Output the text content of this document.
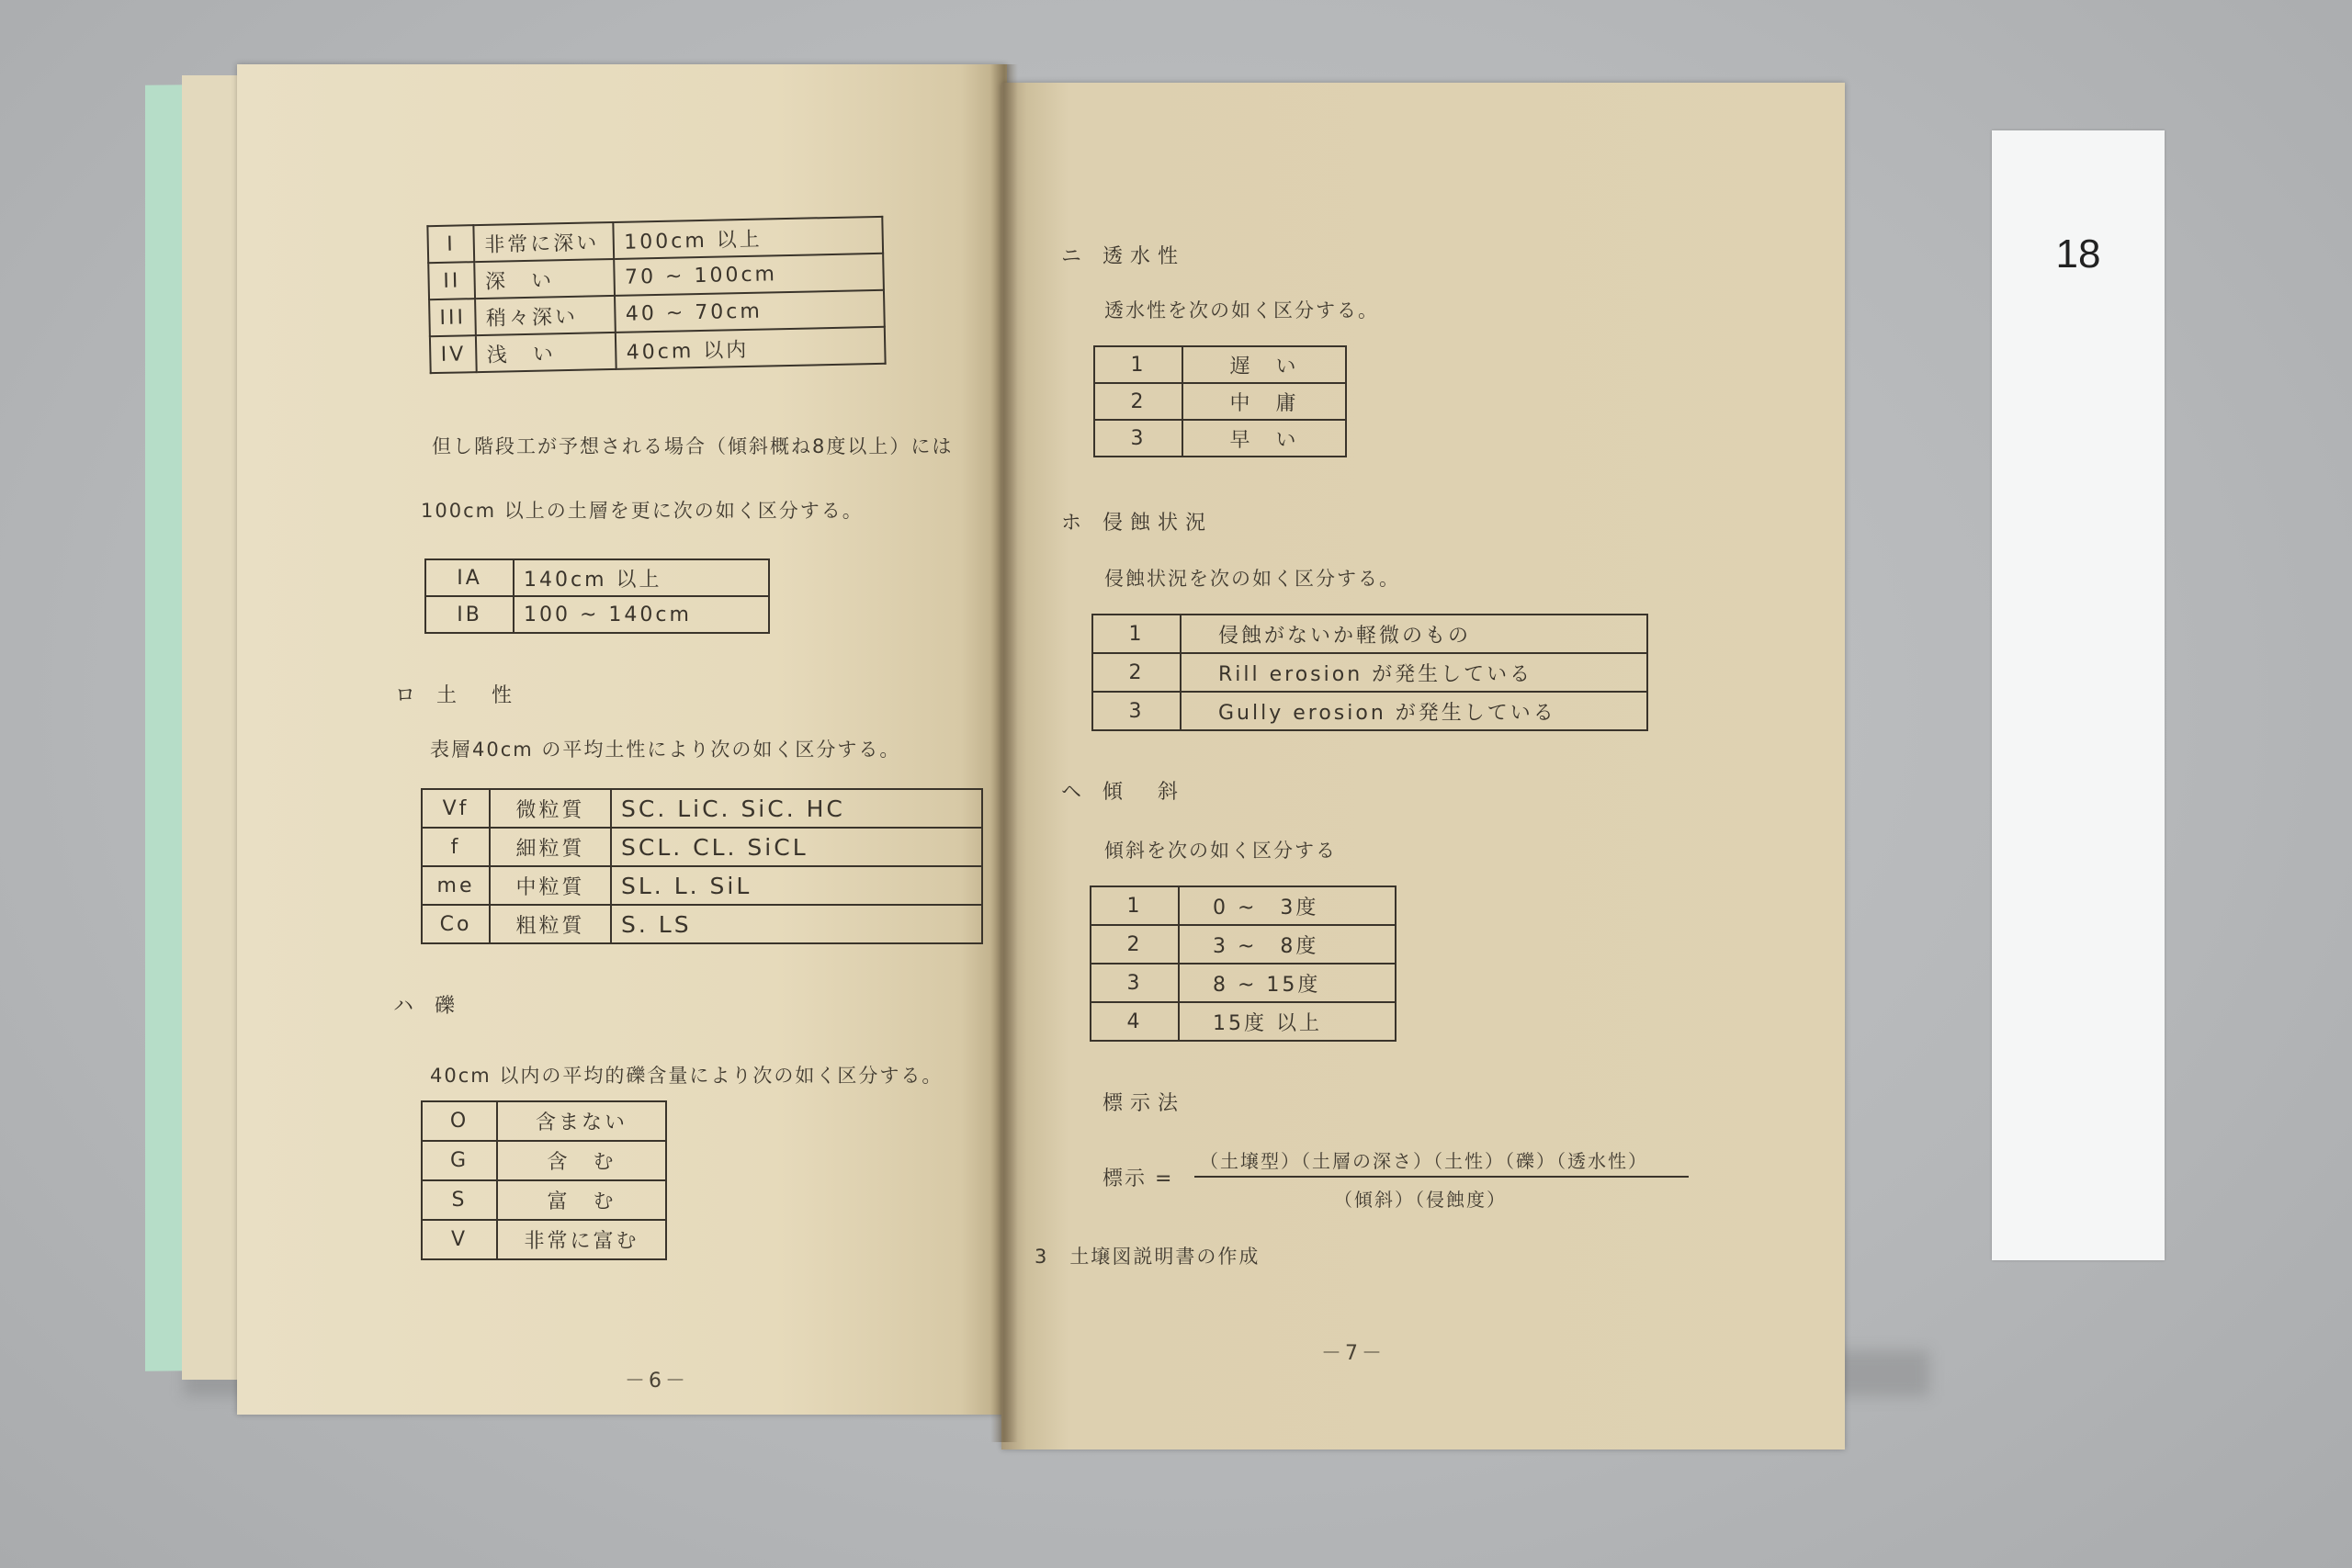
I	非常に深い	100cm 以上
II	深　い	70 ~ 100cm
III	稍々深い	40 ~ 70cm
IV	浅　い	40cm 以内
但し階段工が予想される場合（傾斜概ね8度以上）には
100cm 以上の土層を更に次の如く区分する。
IA	140cm 以上
IB	100 ~ 140cm
ロ 土　性
表層40cm の平均土性により次の如く区分する。
Vf	微粒質	SC. LiC. SiC. HC
f	細粒質	SCL. CL. SiCL
me	中粒質	SL. L. SiL
Co	粗粒質	S. LS
ハ 礫
40cm 以内の平均的礫含量により次の如く区分する。
O	含まない
G	含　む
S	富　む
V	非常に富む
－6－
ニ 透水性
透水性を次の如く区分する。
1	遅　い
2	中　庸
3	早　い
ホ 侵蝕状況
侵蝕状況を次の如く区分する。
1	侵蝕がないか軽微のもの
2	Rill erosion が発生している
3	Gully erosion が発生している
ヘ 傾　斜
傾斜を次の如く区分する
1	0 ~　3度
2	3 ~　8度
3	8 ~ 15度
4	15度 以上
標示法
標示 =
（土壌型）（土層の深さ）（土性）（礫）（透水性）
（傾斜）（侵蝕度）
3　土壌図説明書の作成
－7－
18
